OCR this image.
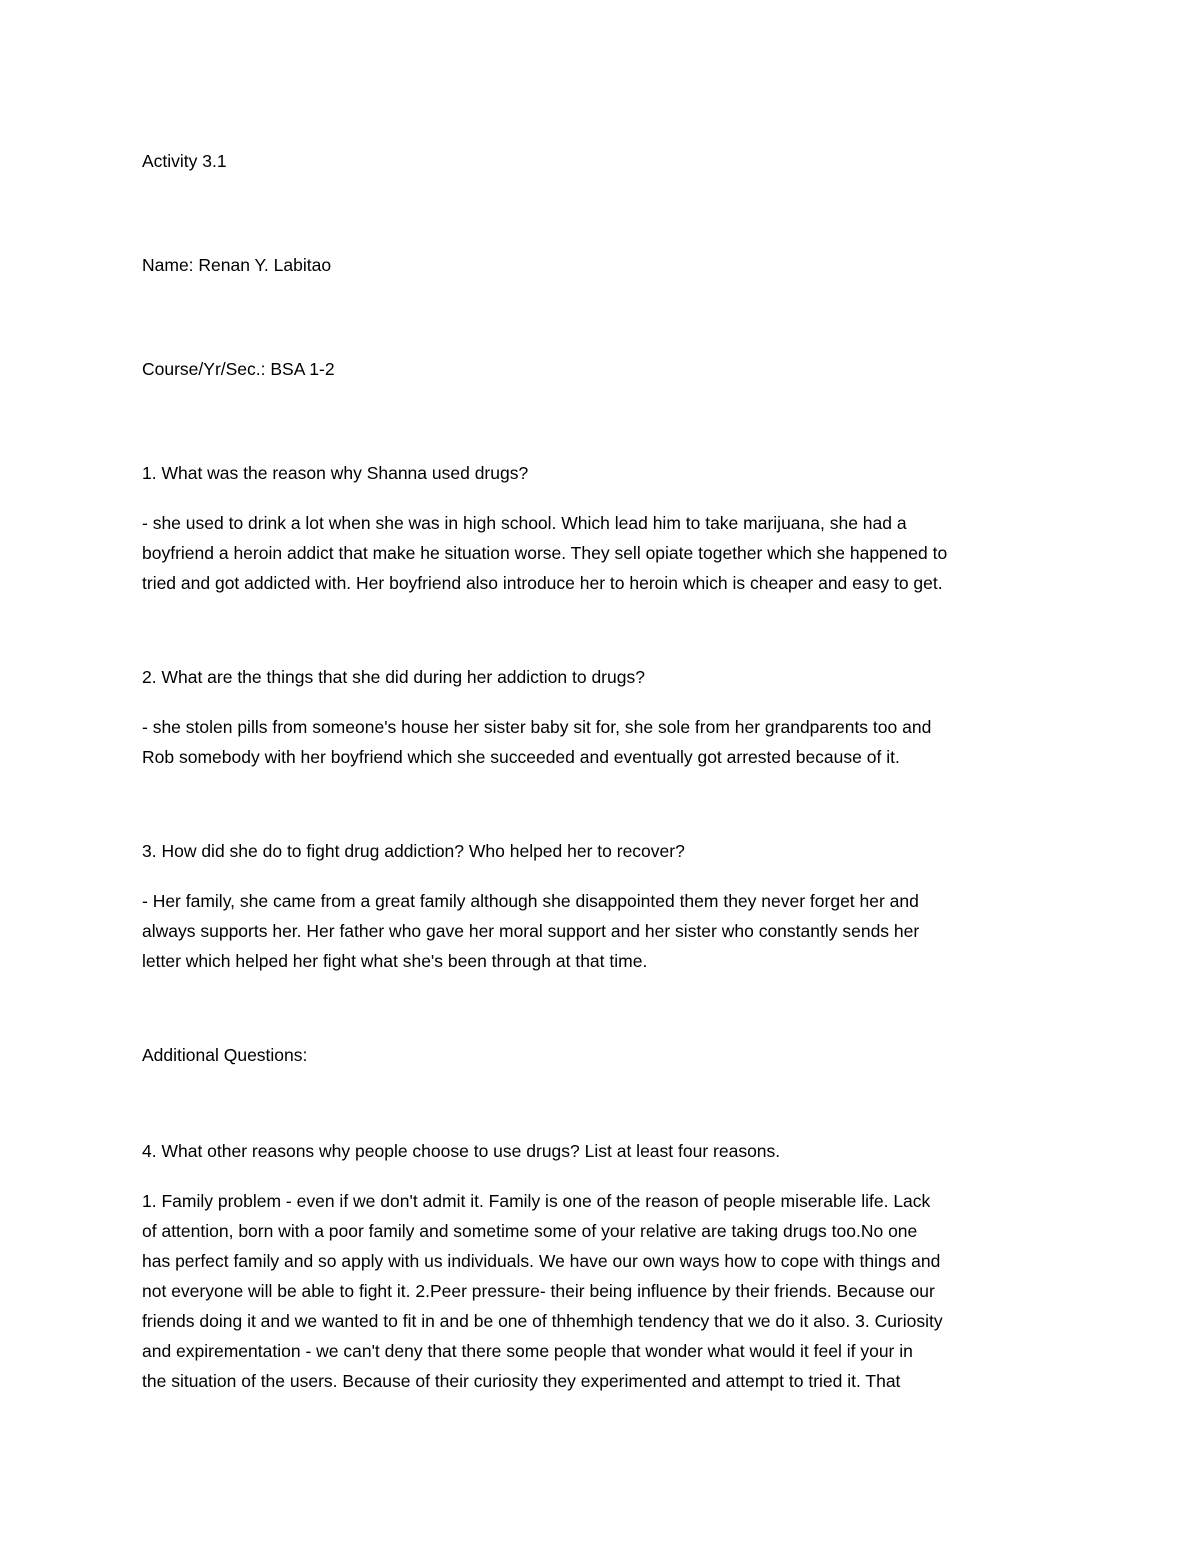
Activity 3.1

Name: Renan Y. Labitao

Course/Yr/Sec.: BSA 1-2

1. What was the reason why Shanna used drugs?

- she used to drink a lot when she was in high school. Which lead him to take marijuana, she had a

boyfriend a heroin addict that make he situation worse. They sell opiate together which she happened to

tried and got addicted with. Her boyfriend also introduce her to heroin which is cheaper and easy to get.

2. What are the things that she did during her addiction to drugs?

- she stolen pills from someone's house her sister baby sit for, she sole from her grandparents too and

Rob somebody with her boyfriend which she succeeded and eventually got arrested because of it.

3. How did she do to fight drug addiction? Who helped her to recover?

- Her family, she came from a great family although she disappointed them they never forget her and

always supports her. Her father who gave her moral support and her sister who constantly sends her

letter which helped her fight what she's been through at that time.

Additional Questions:

4. What other reasons why people choose to use drugs? List at least four reasons.

1. Family problem - even if we don't admit it. Family is one of the reason of people miserable life. Lack

of attention, born with a poor family and sometime some of your relative are taking drugs too.No one

has perfect family and so apply with us individuals. We have our own ways how to cope with things and

not everyone will be able to fight it. 2.Peer pressure- their being influence by their friends. Because our

friends doing it and we wanted to fit in and be one of thhemhigh tendency that we do it also. 3. Curiosity

and expirementation - we can't deny that there some people that wonder what would it feel if your in

the situation of the users. Because of their curiosity they experimented and attempt to tried it. That
